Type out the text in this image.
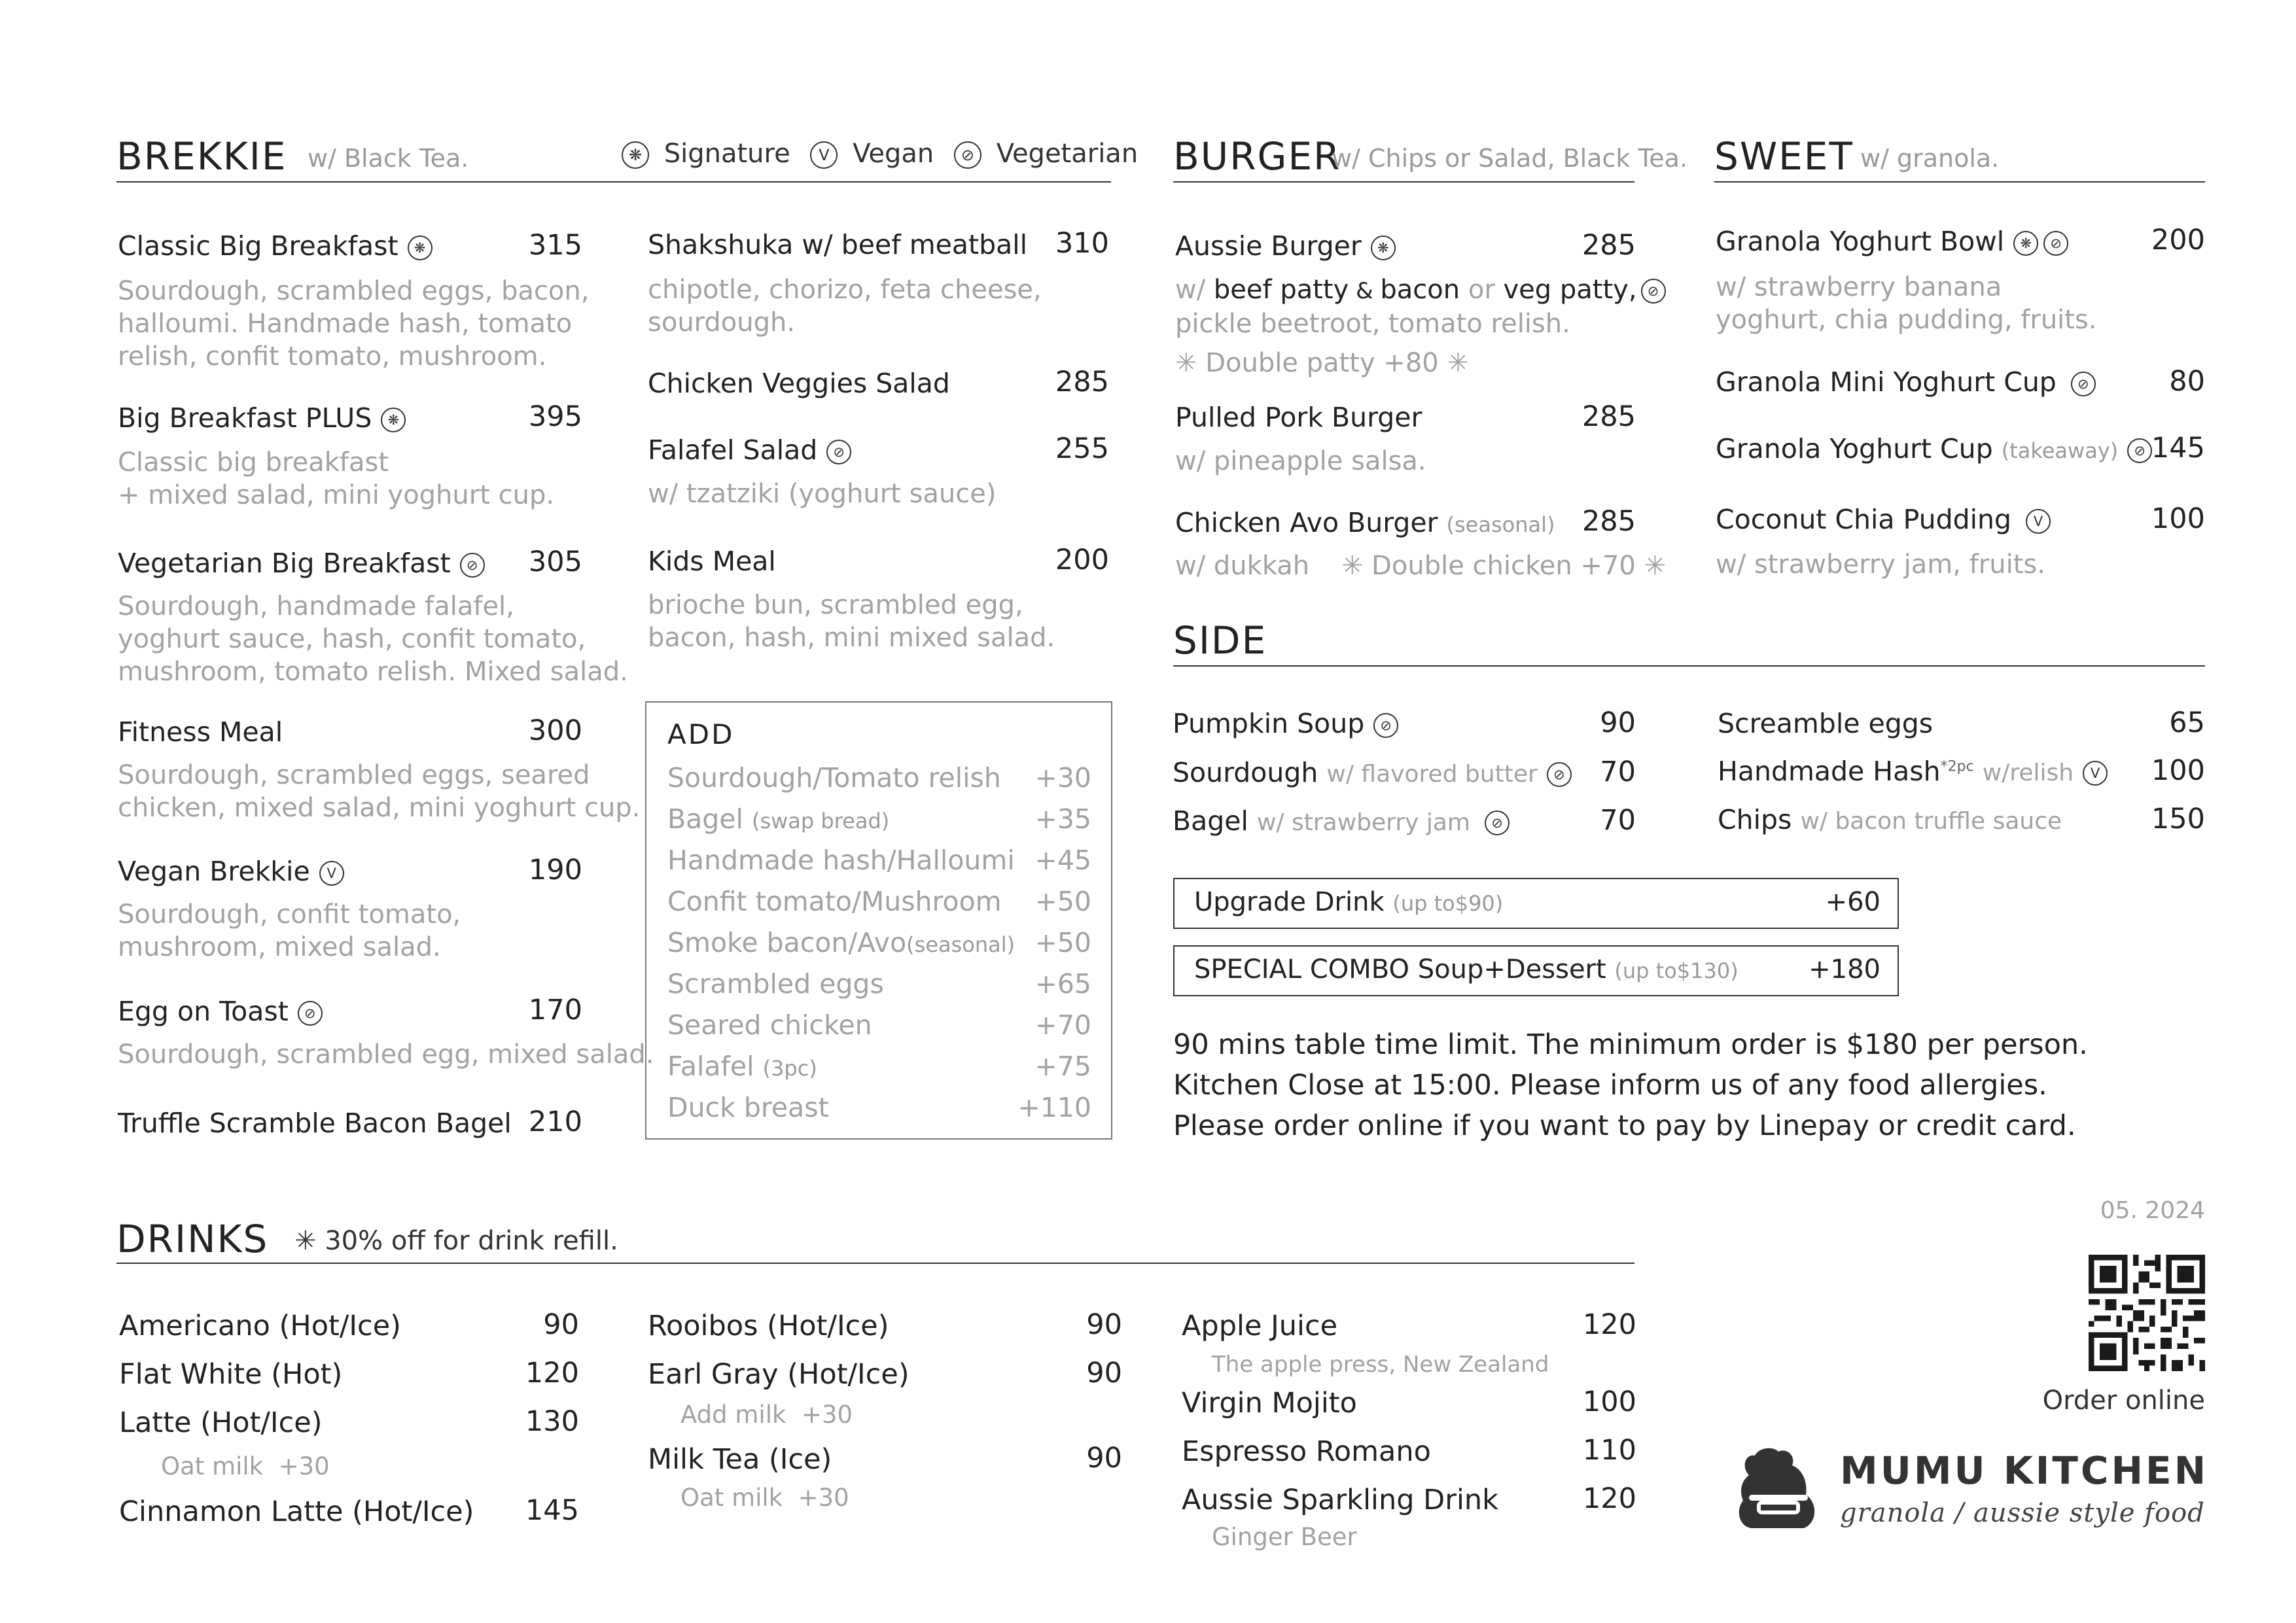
BREKKIE w/ Black Tea.	❋ Signature V Vegan ⊘ Vegetarian
Classic Big Breakfast ❋	315
Sourdough, scrambled eggs, bacon,
halloumi. Handmade hash, tomato
relish, confit tomato, mushroom.
Big Breakfast PLUS ❋	395
Classic big breakfast
+ mixed salad, mini yoghurt cup.
Vegetarian Big Breakfast ⊘	305
Sourdough, handmade falafel,
yoghurt sauce, hash, confit tomato,
mushroom, tomato relish. Mixed salad.
Fitness Meal	300
Sourdough, scrambled eggs, seared
chicken, mixed salad, mini yoghurt cup.
Vegan Brekkie V	190
Sourdough, confit tomato,
mushroom, mixed salad.
Egg on Toast ⊘	170
Sourdough, scrambled egg, mixed salad.
Truffle Scramble Bacon Bagel 210
Shakshuka w/ beef meatball 310
chipotle, chorizo, feta cheese,
sourdough.
Chicken Veggies Salad	285
Falafel Salad ⊘	255
w/ tzatziki (yoghurt sauce)
Kids Meal	200
brioche bun, scrambled egg,
bacon, hash, mini mixed salad.
ADD
Sourdough/Tomato relish +30
Bagel (swap bread)	+35
Handmade hash/Halloumi +45
Confit tomato/Mushroom +50
Smoke bacon/Avo(seasonal) +50
Scrambled eggs	+65
Seared chicken	+70
Falafel (3pc)	+75
Duck breast	+110
BURGER
w/ Chips or Salad, Black Tea.
Aussie Burger ❋	285
w/ beef patty & bacon or veg patty, ⊘
pickle beetroot, tomato relish.
✳ Double patty +80 ✳
Pulled Pork Burger	285
w/ pineapple salsa.
Chicken Avo Burger (seasonal) 285
w/ dukkah ✳ Double chicken +70 ✳
SWEET w/ granola.
Granola Yoghurt Bowl ❋ ⊘	200
w/ strawberry banana
yoghurt, chia pudding, fruits.
Granola Mini Yoghurt Cup ⊘	80
Granola Yoghurt Cup (takeaway) ⊘ 145
Coconut Chia Pudding V	100
w/ strawberry jam, fruits.
SIDE
Pumpkin Soup ⊘	90
Sourdough w/ flavored butter ⊘	70
Bagel w/ strawberry jam ⊘	70
Screamble eggs	65
Handmade Hash$^{*2pc}$ w/relish V	100
Chips w/ bacon truffle sauce	150
Upgrade Drink (up to$90)	+60
SPECIAL COMBO Soup+Dessert (up to$130)	+180
90 mins table time limit. The minimum order is $180 per person.
Kitchen Close at 15:00. Please inform us of any food allergies.
Please order online if you want to pay by Linepay or credit card.
DRINKS ✳ 30% off for drink refill.
Americano (Hot/Ice)	90
Flat White (Hot)	120
Latte (Hot/Ice)	130
Oat milk +30
Cinnamon Latte (Hot/Ice)	145
Rooibos (Hot/Ice)	90
Earl Gray (Hot/Ice)	90
Add milk +30
Milk Tea (Ice)	90
Oat milk +30
Apple Juice	120
The apple press, New Zealand
Virgin Mojito	100
Espresso Romano	110
Aussie Sparkling Drink	120
Ginger Beer
05. 2024
Order online
MUMU KITCHEN
granola / aussie style food
